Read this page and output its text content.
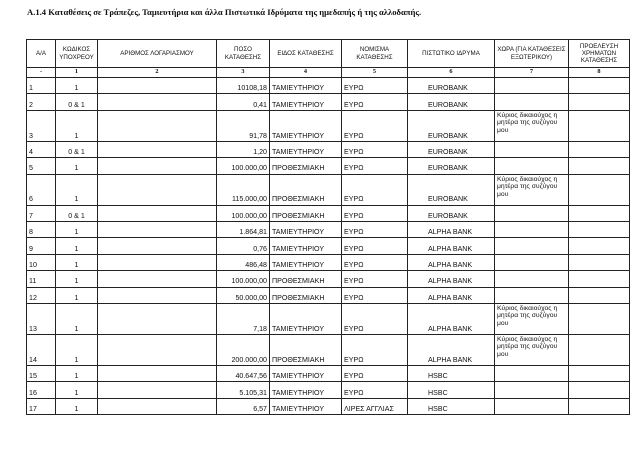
Α.1.4 Καταθέσεις σε Τράπεζες, Ταμιευτήρια και άλλα Πιστωτικά Ιδρύματα της ημεδαπής ή της αλλοδαπής.
Α/Α	ΚΩΔΙΚΟΣ ΥΠΟΧΡΕΟΥ	ΑΡΙΘΜΟΣ ΛΟΓΑΡΙΑΣΜΟΥ	ΠΟΣΟ ΚΑΤΑΘΕΣΗΣ	ΕΙΔΟΣ ΚΑΤΑΘΕΣΗΣ	ΝΟΜΙΣΜΑ ΚΑΤΑΘΕΣΗΣ	ΠΙΣΤΩΤΙΚΟ ΙΔΡΥΜΑ	ΧΩΡΑ (ΓΙΑ ΚΑΤΑΘΕΣΕΙΣ ΕΞΩΤΕΡΙΚΟΥ)	ΠΡΟΕΛΕΥΣΗ ΧΡΗΜΑΤΩΝ ΚΑΤΑΘΕΣΗΣ
-	1	2	3	4	5	6	7	8
1	1		10108,18	ΤΑΜΙΕΥΤΗΡΙΟΥ	ΕΥΡΩ	EUROBANK		
2	0 & 1		0,41	ΤΑΜΙΕΥΤΗΡΙΟΥ	ΕΥΡΩ	EUROBANK		
3	1		91,78	ΤΑΜΙΕΥΤΗΡΙΟΥ	ΕΥΡΩ	EUROBANK	Κύριος δικαιούχος η μητέρα της συζύγου μου	
4	0 & 1		1,20	ΤΑΜΙΕΥΤΗΡΙΟΥ	ΕΥΡΩ	EUROBANK		
5	1		100.000,00	ΠΡΟΘΕΣΜΙΑΚΗ	ΕΥΡΩ	EUROBANK		
6	1		115.000,00	ΠΡΟΘΕΣΜΙΑΚΗ	ΕΥΡΩ	EUROBANK	Κύριος δικαιούχος η μητέρα της συζύγου μου	
7	0 & 1		100.000,00	ΠΡΟΘΕΣΜΙΑΚΗ	ΕΥΡΩ	EUROBANK		
8	1		1.864,81	ΤΑΜΙΕΥΤΗΡΙΟΥ	ΕΥΡΩ	ALPHA BANK		
9	1		0,76	ΤΑΜΙΕΥΤΗΡΙΟΥ	ΕΥΡΩ	ALPHA BANK		
10	1		486,48	ΤΑΜΙΕΥΤΗΡΙΟΥ	ΕΥΡΩ	ALPHA BANK		
11	1		100.000,00	ΠΡΟΘΕΣΜΙΑΚΗ	ΕΥΡΩ	ALPHA BANK		
12	1		50.000,00	ΠΡΟΘΕΣΜΙΑΚΗ	ΕΥΡΩ	ALPHA BANK		
13	1		7,18	ΤΑΜΙΕΥΤΗΡΙΟΥ	ΕΥΡΩ	ALPHA BANK	Κύριος δικαιούχος η μητέρα της συζύγου μου	
14	1		200.000,00	ΠΡΟΘΕΣΜΙΑΚΗ	ΕΥΡΩ	ALPHA BANK	Κύριος δικαιούχος η μητέρα της συζύγου μου	
15	1		40.647,56	ΤΑΜΙΕΥΤΗΡΙΟΥ	ΕΥΡΩ	HSBC		
16	1		5.105,31	ΤΑΜΙΕΥΤΗΡΙΟΥ	ΕΥΡΩ	HSBC		
17	1		6,57	ΤΑΜΙΕΥΤΗΡΙΟΥ	ΛΙΡΕΣ ΑΓΓΛΙΑΣ	HSBC		
